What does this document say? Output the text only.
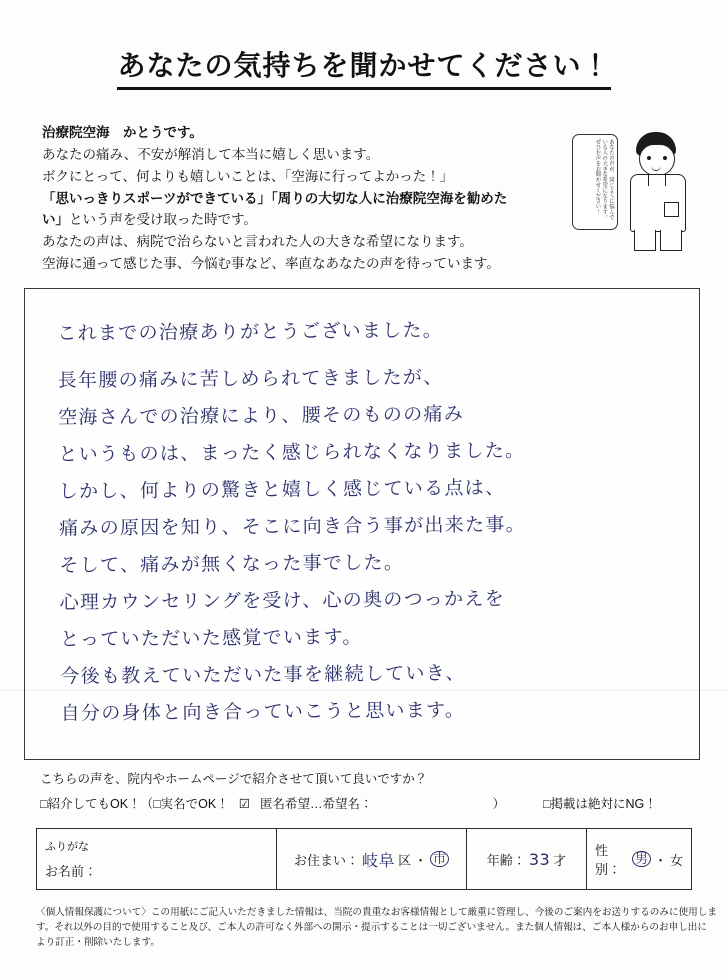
あなたの気持ちを聞かせてください！
治療院空海　かとうです。
あなたの痛み、不安が解消して本当に嬉しく思います。
ボクにとって、何よりも嬉しいことは、「空海に行ってよかった！」
「思いっきりスポーツができている」「周りの大切な人に治療院空海を勧めた
い」という声を受け取った時です。
あなたの声は、病院で治らないと言われた人の大きな希望になります。
空海に通って感じた事、今悩む事など、率直なあなたの声を待っています。
あなたの声が、同じように悩んでいる人の大きな希望になります。ぜひお声をお聞かせください！
これまでの治療ありがとうございました。
長年腰の痛みに苦しめられてきましたが、
空海さんでの治療により、腰そのものの痛み
というものは、まったく感じられなくなりました。
しかし、何よりの驚きと嬉しく感じている点は、
痛みの原因を知り、そこに向き合う事が出来た事。
そして、痛みが無くなった事でした。
心理カウンセリングを受け、心の奥のつっかえを
とっていただいた感覚でいます。
今後も教えていただいた事を継続していき、
自分の身体と向き合っていこうと思います。
こちらの声を、院内やホームページで紹介させて頂いて良いですか？
□紹介してもOK！（□実名でOK！ ☑ 匿名希望…希望名：	）	□掲載は絶対にNG！
ふりがな
お名前：
お住まい： 岐阜 区 ・ 市	年齢： 33 才
性別：
男 ・ 女
〈個人情報保護について〉この用紙にご記入いただきました情報は、当院の貴重なお客様情報として厳重に管理し、今後のご案内をお送りするのみに使用しま
す。それ以外の目的で使用すること及び、ご本人の許可なく外部への開示・提示することは一切ございません。また個人情報は、ご本人様からのお申し出に
より訂正・削除いたします。
